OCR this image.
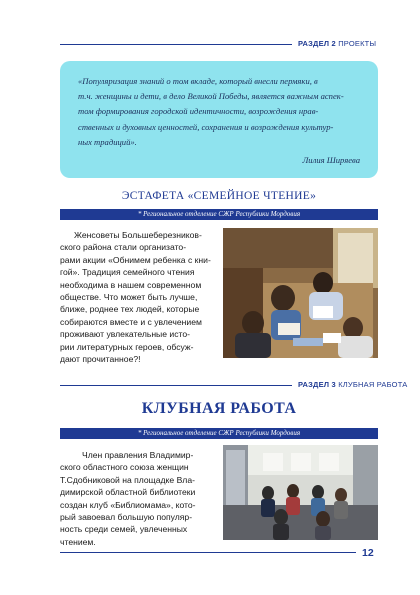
РАЗДЕЛ 2 ПРОЕКТЫ
«Популяризация знаний о том вкладе, который внесли пермяки, в
т.ч. женщины и дети, в дело Великой Победы, является важным аспек-
том формирования городской идентичности, возрождения нрав-
ственных и духовных ценностей, сохранения и возрождения культур-
ных традиций».
Лилия Ширяева
ЭСТАФЕТА «СЕМЕЙНОЕ ЧТЕНИЕ»
* Региональное отделение СЖР Республики Мордовия
Женсоветы Большеберезников-
ского района стали организато-
рами акции «Обнимем ребенка с кни-
гой». Традиция семейного чтения
необходима в нашем современном
обществе. Что может быть лучше,
ближе, роднее тех людей, которые
собираются вместе и с увлечением
проживают увлекательные исто-
рии литературных героев, обсуж-
дают прочитанное?!
РАЗДЕЛ 3 КЛУБНАЯ РАБОТА
КЛУБНАЯ РАБОТА
* Региональное отделение СЖР Республики Мордовия
Член правления Владимир-
ского областного союза женщин
Т.Сдобниковой на площадке Вла-
димирской областной библиотеки
создан клуб «Библиомама», кото-
рый завоевал большую популяр-
ность среди семей, увлеченных
чтением.
12
